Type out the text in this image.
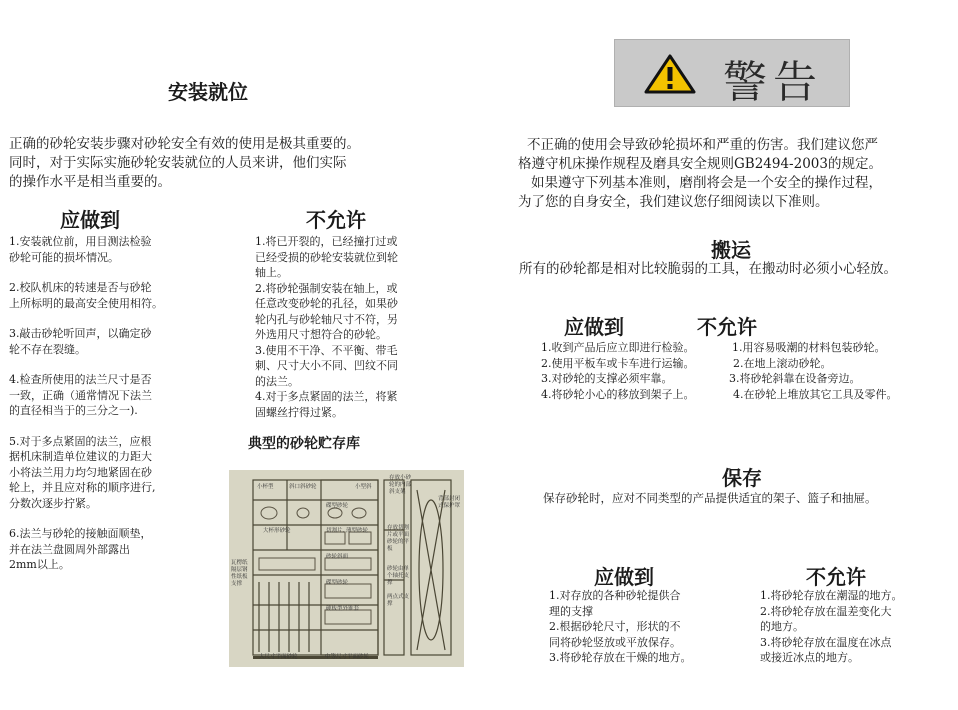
安装就位
正确的砂轮安装步骤对砂轮安全有效的使用是极其重要的。
同时，对于实际实施砂轮安装就位的人员来讲，他们实际
的操作水平是相当重要的。
应做到	不允许

1.安装就位前，用目测法检验

砂轮可能的损坏情况。

2.校队机床的转速是否与砂轮

上所标明的最高安全使用相符。

3.敲击砂轮听回声，以确定砂

轮不存在裂缝。

4.检查所使用的法兰尺寸是否

一致，正确（通常情况下法兰

的直径相当于的三分之一).

5.对于多点紧固的法兰，应根

据机床制造单位建议的力距大

小将法兰用力均匀地紧固在砂

轮上，并且应对称的顺序进行,

分数次逐步拧紧。

6.法兰与砂轮的接触面顺垫，

并在法兰盘圆周外部露出

2mm以上。

1.将已开裂的，已经撞打过或

已经受损的砂轮安装就位到轮

轴上。

2.将砂轮强制安装在轴上，或

任意改变砂轮的孔径，如果砂

轮内孔与砂轮轴尺寸不符，另

外选用尺寸想符合的砂轮。

3.使用不干净、不平衡、带毛

刺、尺寸大小不同、凹纹不同

的法兰。

4.对于多点紧固的法兰，将紧

固螺丝拧得过紧。

典型的砂轮贮存库
存放小砂轮的内部斜支架
背部封闭式保护罩
存放切割片或平面砂轮的平板
砂轮由单个轴托支撑
两点式支撑
瓦楞纸隔层钢性纸板支撑
大尺寸平面砂轮	中等尺寸平面砂轮
斜口斜砂轮
大杯形砂轮	切割片, 薄型砂轮
碟型砂轮
砂轮斜面
碟型砂轮
硬板型外锥套
小杯型	小型斜
警告
不正确的使用会导致砂轮损坏和严重的伤害。我们建议您严
格遵守机床操作规程及磨具安全规则GB2494-2003的规定。
如果遵守下列基本准则，磨削将会是一个安全的操作过程，
为了您的自身安全，我们建议您仔细阅读以下准则。
搬运
所有的砂轮都是相对比较脆弱的工具，在搬动时必须小心轻放。
应做到	不允许

1.收到产品后应立即进行检验。

2.使用平板车或卡车进行运输。

3.对砂轮的支撑必须牢靠。

4.将砂轮小心的移放到架子上。

1.用容易吸潮的材料包装砂轮。

2.在地上滚动砂轮。

3.将砂轮斜靠在设备旁边。

4.在砂轮上堆放其它工具及零件。

保存
保存砂轮时，应对不同类型的产品提供适宜的架子、篮子和抽屉。
应做到	不允许

1.对存放的各种砂轮提供合

理的支撑

2.根据砂轮尺寸，形状的不

同将砂轮竖放或平放保存。

3.将砂轮存放在干燥的地方。

1.将砂轮存放在潮湿的地方。

2.将砂轮存放在温差变化大

的地方。

3.将砂轮存放在温度在冰点

或接近冰点的地方。
